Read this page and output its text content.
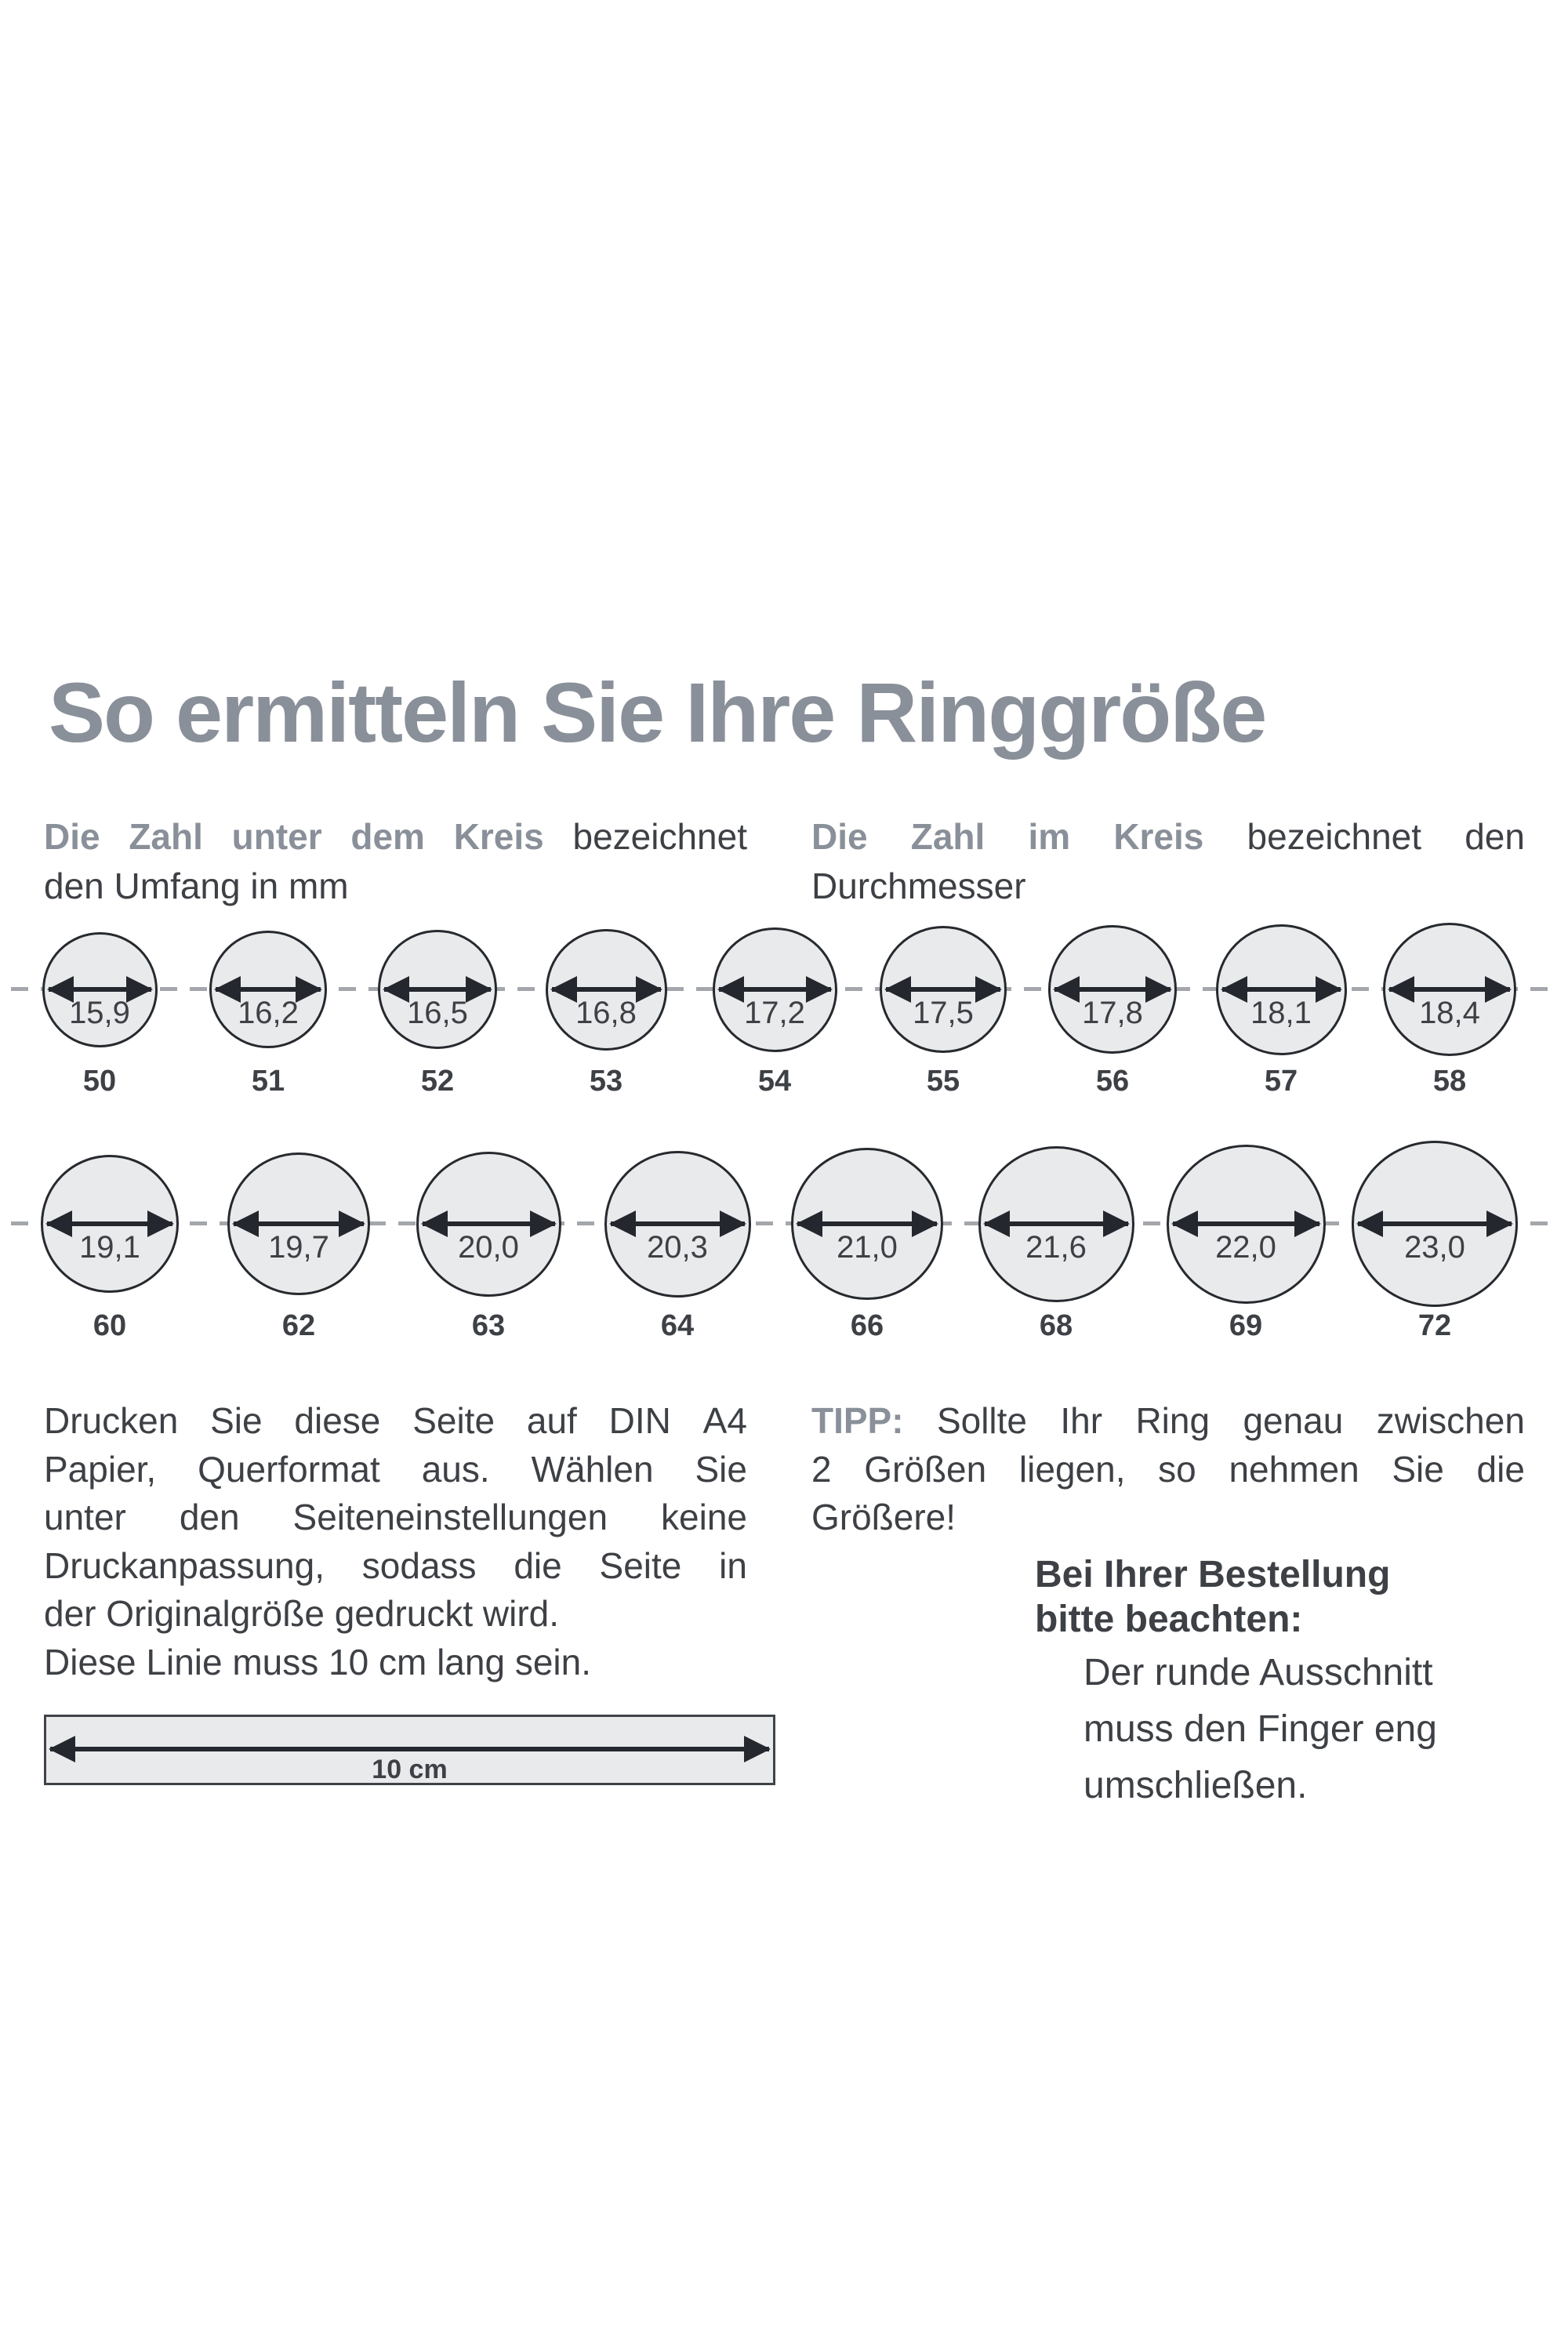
So ermitteln Sie Ihre Ringgröße
Die Zahl unter dem Kreis bezeichnet
den Umfang in mm
Die Zahl im Kreis bezeichnet den
Durchmesser
Drucken Sie diese Seite auf DIN A4
Papier, Querformat aus. Wählen Sie
unter den Seiteneinstellungen keine
Druckanpassung, sodass die Seite in
der Originalgröße gedruckt wird.
Diese Linie muss 10 cm lang sein.
10 cm
TIPP: Sollte Ihr Ring genau zwischen
2 Größen liegen, so nehmen Sie die
Größere!
Bei Ihrer Bestellung
bitte beachten:
Der runde Ausschnitt
muss den Finger eng
umschließen.
15,9
50
16,2
51
16,5
52
16,8
53
17,2
54
17,5
55
17,8
56
18,1
57
18,4
58
19,1
60
19,7
62
20,0
63
20,3
64
21,0
66
21,6
68
22,0
69
23,0
72
